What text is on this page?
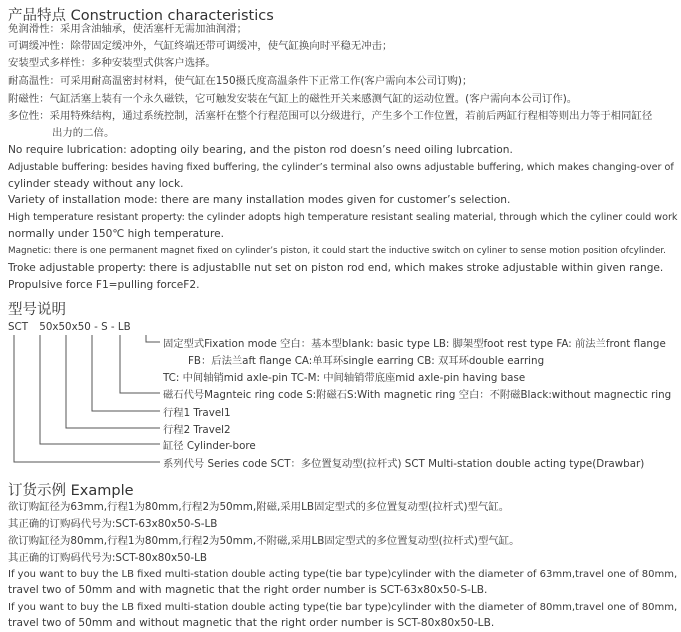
产品特点 Construction characteristics
免润滑性：采用含油轴承，使活塞杆无需加油润滑；
可调缓冲性：除带固定缓冲外，气缸终端还带可调缓冲，使气缸换向时平稳无冲击；
安装型式多样性：多种安装型式供客户选择。
耐高温性：可采用耐高温密封材料，使气缸在150摄氏度高温条件下正常工作(客户需向本公司订购)；
附磁性：气缸活塞上装有一个永久磁铁，它可触发安装在气缸上的磁性开关来感测气缸的运动位置。(客户需向本公司订作)。
多位性：采用特殊结构，通过系统控制，活塞杆在整个行程范围可以分级进行，产生多个工作位置，若前后两缸行程相等则出力等于相同缸径
出力的二倍。
No require lubrication: adopting oily bearing, and the piston rod doesn’s need oiling lubrcation.
Adjustable buffering: besides having fixed buffering, the cylinder’s terminal also owns adjustable buffering, which makes changing-over of
cylinder steady without any lock.
Variety of installation mode: there are many installation modes given for customer’s selection.
High temperature resistant property: the cylinder adopts high temperature resistant sealing material, through which the cyliner could work
normally under 150℃ high temperature.
Magnetic: there is one permanent magnet fixed on cylinder’s piston, it could start the inductive switch on cyliner to sense motion position ofcylinder.
Troke adjustable property: there is adjustablle nut set on piston rod end, which makes stroke adjustable within given range.
Propulsive force F1=pulling forceF2.
型号说明
SCT 50x50x50 - S - LB
固定型式Fixation mode 空白：基本型blank: basic type LB: 脚架型foot rest type FA: 前法兰front flange
FB：后法兰aft flange CA:单耳环single earring CB: 双耳环double earring
TC: 中间轴销mid axle-pin TC-M: 中间轴销带底座mid axle-pin having base
磁石代号Magnteic ring code S:附磁石S:With magnetic ring 空白：不附磁Black:without magnectic ring
行程1 Travel1
行程2 Travel2
缸径 Cylinder-bore
系列代号 Series code SCT：多位置复动型(拉杆式) SCT Multi-station double acting type(Drawbar)
订货示例 Example
欲订购缸径为63mm,行程1为80mm,行程2为50mm,附磁,采用LB固定型式的多位置复动型(拉杆式)型气缸。
其正确的订购码代号为:SCT-63x80x50-S-LB
欲订购缸径为80mm,行程1为80mm,行程2为50mm,不附磁,采用LB固定型式的多位置复动型(拉杆式)型气缸。
其正确的订购码代号为:SCT-80x80x50-LB
If you want to buy the LB fixed multi-station double acting type(tie bar type)cylinder with the diameter of 63mm,travel one of 80mm,
travel two of 50mm and with magnetic that the right order number is SCT-63x80x50-S-LB.
If you want to buy the LB fixed multi-station double acting type(tie bar type)cylinder with the diameter of 80mm,travel one of 80mm,
travel two of 50mm and without magnetic that the right order number is SCT-80x80x50-LB.
